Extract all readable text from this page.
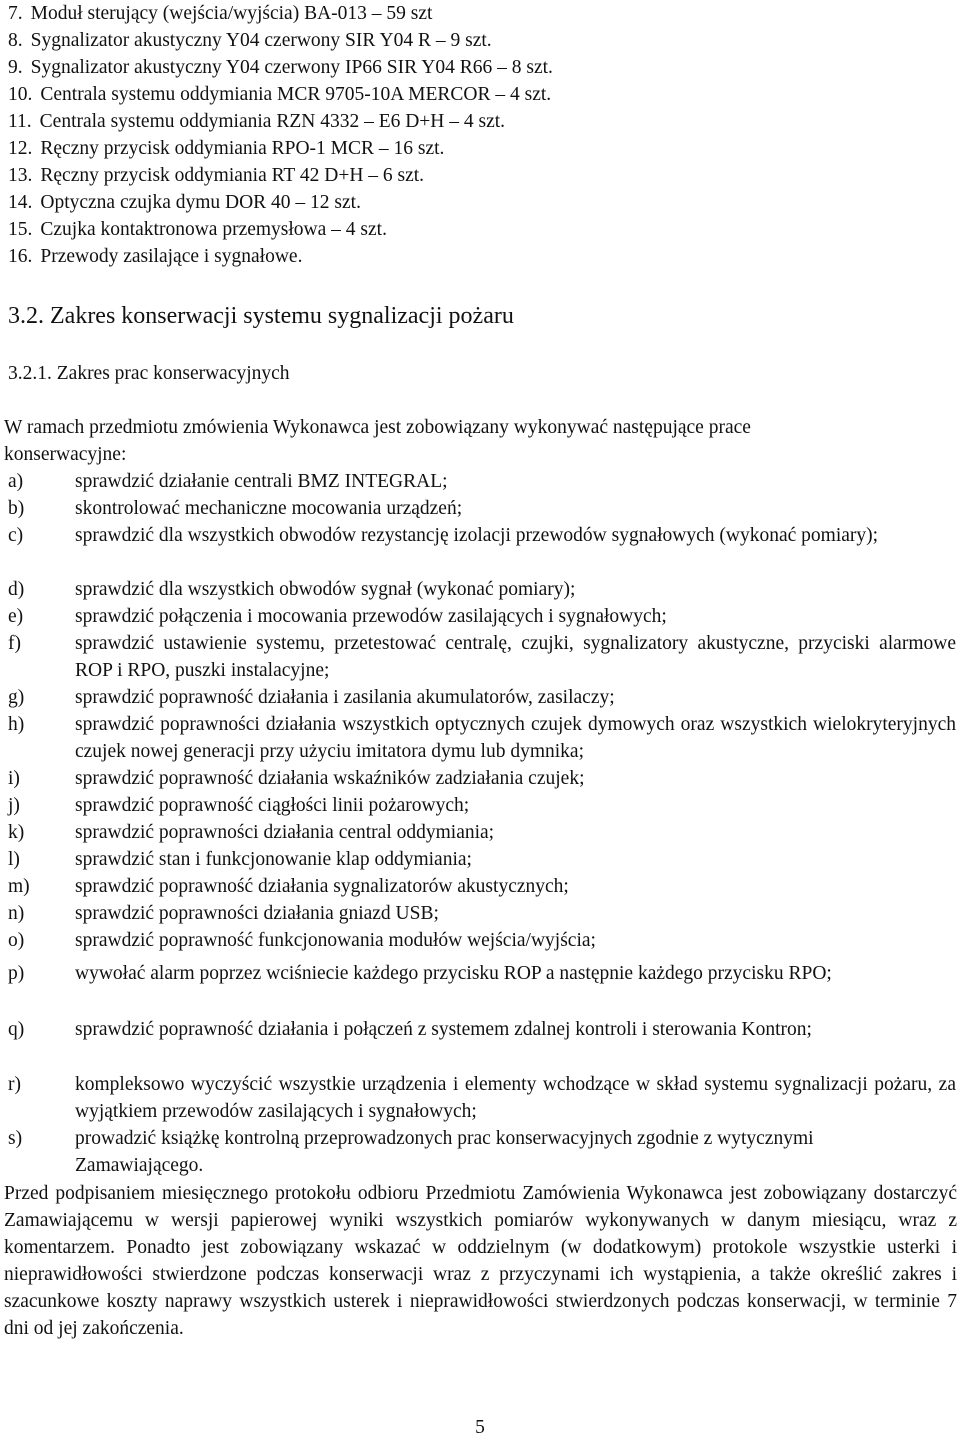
7. Moduł sterujący (wejścia/wyjścia) BA-013 – 59 szt
8. Sygnalizator akustyczny Y04 czerwony SIR Y04 R – 9 szt.
9. Sygnalizator akustyczny Y04 czerwony IP66 SIR Y04 R66 – 8 szt.
10. Centrala systemu oddymiania MCR 9705-10A MERCOR – 4 szt.
11. Centrala systemu oddymiania RZN 4332 – E6 D+H – 4 szt.
12. Ręczny przycisk oddymiania RPO-1 MCR – 16 szt.
13. Ręczny przycisk oddymiania RT 42 D+H – 6 szt.
14. Optyczna czujka dymu DOR 40 – 12 szt.
15. Czujka kontaktronowa przemysłowa – 4 szt.
16. Przewody zasilające i sygnałowe.
3.2. Zakres konserwacji systemu sygnalizacji pożaru
3.2.1. Zakres prac konserwacyjnych
W ramach przedmiotu zmówienia Wykonawca jest zobowiązany wykonywać następujące prace
konserwacyjne:
a)	sprawdzić działanie centrali BMZ INTEGRAL;
b)	skontrolować mechaniczne mocowania urządzeń;
c)	sprawdzić dla wszystkich obwodów rezystancję izolacji przewodów sygnałowych (wykonać pomiary);
d)	sprawdzić dla wszystkich obwodów sygnał (wykonać pomiary);
e)	sprawdzić połączenia i mocowania przewodów zasilających i sygnałowych;
f)	sprawdzić ustawienie systemu, przetestować centralę, czujki, sygnalizatory akustyczne, przyciski alarmowe ROP i RPO, puszki instalacyjne;
g)	sprawdzić poprawność działania i zasilania akumulatorów, zasilaczy;
h)	sprawdzić poprawności działania wszystkich optycznych czujek dymowych oraz wszystkich wielokryteryjnych czujek nowej generacji przy użyciu imitatora dymu lub dymnika;
i)	sprawdzić poprawność działania wskaźników zadziałania czujek;
j)	sprawdzić poprawność ciągłości linii pożarowych;
k)	sprawdzić poprawności działania central oddymiania;
l)	sprawdzić stan i funkcjonowanie klap oddymiania;
m)	sprawdzić poprawność działania sygnalizatorów akustycznych;
n)	sprawdzić poprawności działania gniazd USB;
o)	sprawdzić poprawność funkcjonowania modułów wejścia/wyjścia;
p)	wywołać alarm poprzez wciśniecie każdego przycisku ROP a następnie każdego przycisku RPO;
q)	sprawdzić poprawność działania i połączeń z systemem zdalnej kontroli i sterowania Kontron;
r)	kompleksowo wyczyścić wszystkie urządzenia i elementy wchodzące w skład systemu sygnalizacji pożaru, za wyjątkiem przewodów zasilających i sygnałowych;
s)	prowadzić książkę kontrolną przeprowadzonych prac konserwacyjnych zgodnie z wytycznymi Zamawiającego.
Przed podpisaniem miesięcznego protokołu odbioru Przedmiotu Zamówienia Wykonawca jest zobowiązany dostarczyć Zamawiającemu w wersji papierowej wyniki wszystkich pomiarów wykonywanych w danym miesiącu, wraz z komentarzem. Ponadto jest zobowiązany wskazać w oddzielnym (w dodatkowym) protokole wszystkie usterki i nieprawidłowości stwierdzone podczas konserwacji wraz z przyczynami ich wystąpienia, a także określić zakres i szacunkowe koszty naprawy wszystkich usterek i nieprawidłowości stwierdzonych podczas konserwacji, w terminie 7 dni od jej zakończenia.
5
